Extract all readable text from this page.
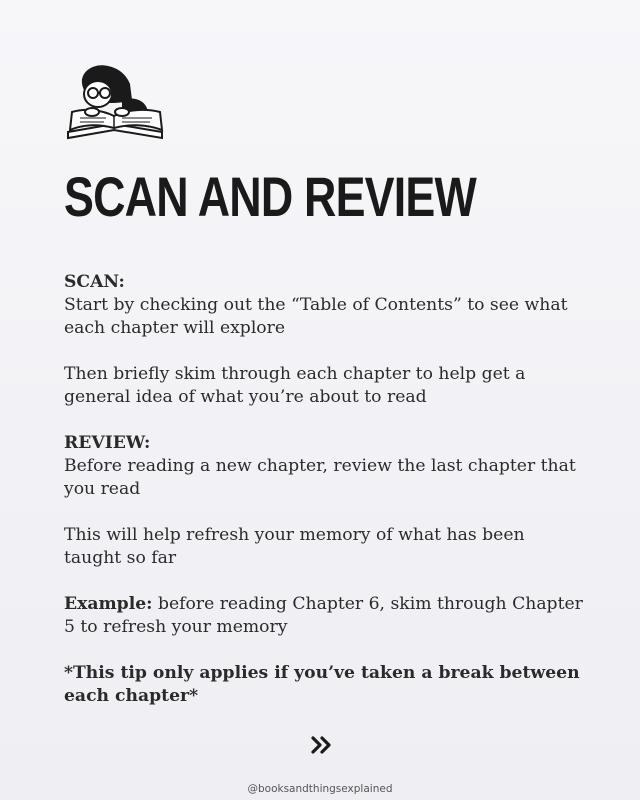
SCAN AND REVIEW
SCAN:
Start by checking out the “Table of Contents” to see what each chapter will explore
Then briefly skim through each chapter to help get a general idea of what you’re about to read
REVIEW:
Before reading a new chapter, review the last chapter that you read
This will help refresh your memory of what has been taught so far
Example: before reading Chapter 6, skim through Chapter 5 to refresh your memory
*This tip only applies if you’ve taken a break between each chapter*
@booksandthingsexplained
